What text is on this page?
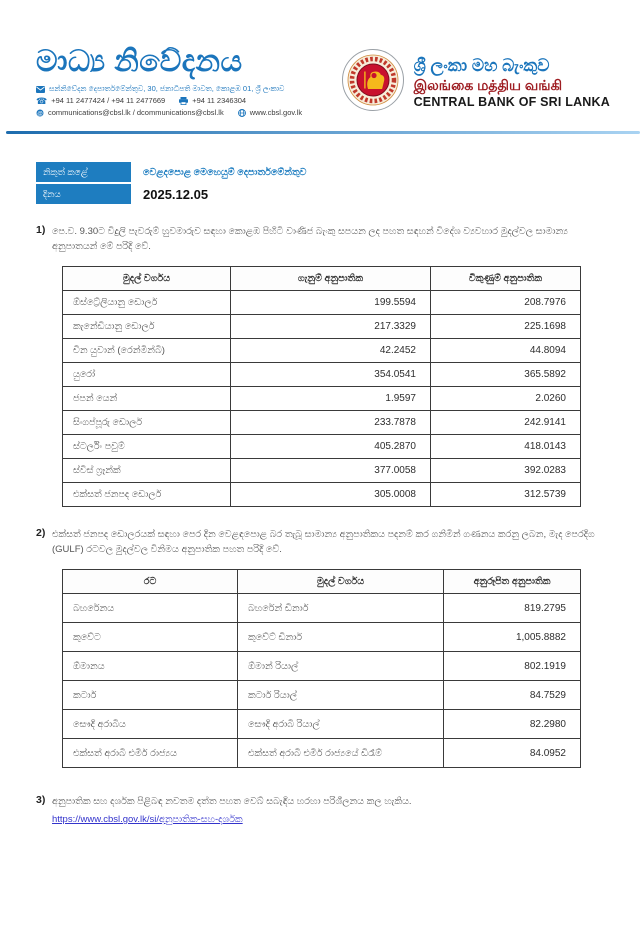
මාධ්‍ය නිවේදනය
සන්නිවේදන දෙපාර්තමේන්තුව, 30, ජනාධිපති මාවත, කොළඹ 01, ශ්‍රී ලංකාව
☎ +94 11 2477424 / +94 11 2477669	+94 11 2346304
@ communications@cbsl.lk / dcommunications@cbsl.lk	www.cbsl.gov.lk
ශ්‍රී ලංකා මහ බැංකුව
இலங்கை மத்திய வங்கி
CENTRAL BANK OF SRI LANKA
නිකුත් කළේ	වෙළදපොළ මෙහෙයුම් දෙපාර්තමේන්තුව
දිනය	2025.12.05
1) පෙ.ව. 9.30ට විදුලි පැවරුම් හුවමාරුව සඳහා කොළඹ පිහිටි වාණිජ බැංකු සපයන ලද පහත සඳහන් විදේශ ව්‍යවහාර මුදල්වල සාමාන්‍ය අනුපාතයන් මේ පරිදි වේ.
මුදල් වර්ගය	ගැනුම් අනුපාතික	විකුණුම් අනුපාතික
ඕස්ට්‍රේලියානු ඩොලර්	199.5594	208.7976
කැනේඩියානු ඩොලර්	217.3329	225.1698
චීන යුවාන් (රෙන්මින්බි)	42.2452	44.8094
යුරෝ	354.0541	365.5892
ජපන් යෙන්	1.9597	2.0260
සිංගප්පූරු ඩොලර්	233.7878	242.9141
ස්ටර්ලිං පවුම්	405.2870	418.0143
ස්විස් ෆ්‍රෑන්ක්	377.0058	392.0283
එක්සත් ජනපද ඩොලර්	305.0008	312.5739
2) එක්සත් ජනපද ඩොලරයක් සඳහා පෙර දින වෙළඳපොළ බර තැබූ සාමාන්‍ය අනුපාතිකය පදනම් කර ගනිමින් ගණනය කරනු ලබන, මැද පෙරදිග (GULF) රටවල මුදල්වල විනිමය අනුපාතික පහත පරිදි වේ.
රට	මුදල් වර්ගය	අනුරූපිත අනුපාතික
බහරේනය	බහරේන් ඩිනාර්	819.2795
කුවේට	කුවේට් ඩිනාර්	1,005.8882
ඕමානය	ඕමාන් රියාල්	802.1919
කටාර්	කටාර් රියාල්	84.7529
සෞදි අරාබිය	සෞදි අරාබි රියාල්	82.2980
එක්සත් අරාබි එමීර් රාජ්‍යය	එක්සත් අරාබි එමීර් රාජ්‍යයේ ඩිරෑම්	84.0952
3) අනුපාතික සහ දර්ශක පිළිබඳ නවතම දත්ත පහත වෙබ් සබැඳිය හරහා පරිශීලනය කල හැකිය.
https://www.cbsl.gov.lk/si/අනුපාතික-සහ-දර්ශක
